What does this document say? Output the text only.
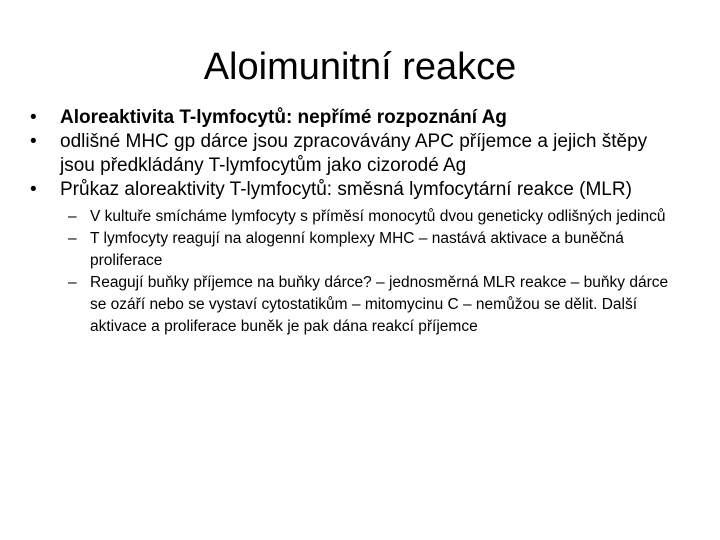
Aloimunitní reakce
•	Aloreaktivita T-lymfocytů: nepřímé rozpoznání Ag
•	odlišné MHC gp dárce jsou zpracovávány APC příjemce a jejich štěpy jsou předkládány T-lymfocytům jako cizorodé Ag
•	Průkaz aloreaktivity T-lymfocytů: směsná lymfocytární reakce (MLR)
– V kultuře smícháme lymfocyty s příměsí monocytů dvou geneticky odlišných jedinců
– T lymfocyty reagují na alogenní komplexy MHC – nastává aktivace a buněčná proliferace
– Reagují buňky příjemce na buňky dárce? – jednosměrná MLR reakce – buňky dárce se ozáří nebo se vystaví cytostatikům – mitomycinu C – nemůžou se dělit. Další aktivace a proliferace buněk je pak dána reakcí příjemce
